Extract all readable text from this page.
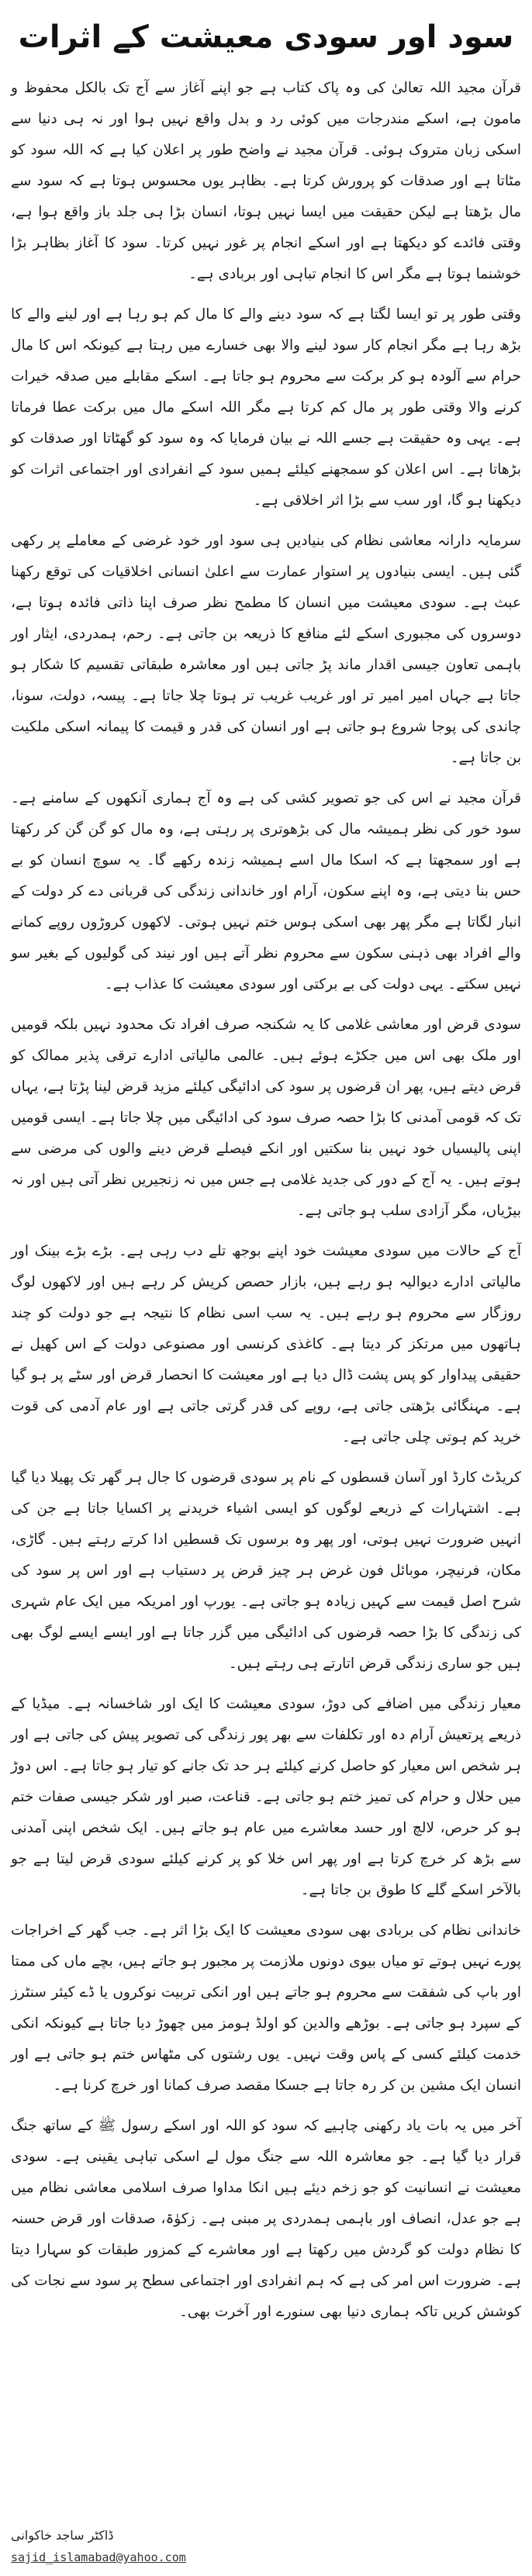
سود اور سودی معیشت کے اثرات

قرآن مجید اللہ تعالیٰ کی وہ پاک کتاب ہے جو اپنے آغاز سے آج تک بالکل محفوظ و مامون ہے، اسکے مندرجات میں کوئی رد و بدل واقع نہیں ہوا اور نہ ہی دنیا سے اسکی زبان متروک ہوئی۔ قرآن مجید نے واضح طور پر اعلان کیا ہے کہ اللہ سود کو مٹاتا ہے اور صدقات کو پرورش کرتا ہے۔ بظاہر یوں محسوس ہوتا ہے کہ سود سے مال بڑھتا ہے لیکن حقیقت میں ایسا نہیں ہوتا، انسان بڑا ہی جلد باز واقع ہوا ہے، وقتی فائدے کو دیکھتا ہے اور اسکے انجام پر غور نہیں کرتا۔ سود کا آغاز بظاہر بڑا خوشنما ہوتا ہے مگر اس کا انجام تباہی اور بربادی ہے۔

وقتی طور پر تو ایسا لگتا ہے کہ سود دینے والے کا مال کم ہو رہا ہے اور لینے والے کا بڑھ رہا ہے مگر انجام کار سود لینے والا بھی خسارے میں رہتا ہے کیونکہ اس کا مال حرام سے آلودہ ہو کر برکت سے محروم ہو جاتا ہے۔ اسکے مقابلے میں صدقہ خیرات کرنے والا وقتی طور پر مال کم کرتا ہے مگر اللہ اسکے مال میں برکت عطا فرماتا ہے۔ یہی وہ حقیقت ہے جسے اللہ نے بیان فرمایا کہ وہ سود کو گھٹاتا اور صدقات کو بڑھاتا ہے۔ اس اعلان کو سمجھنے کیلئے ہمیں سود کے انفرادی اور اجتماعی اثرات کو دیکھنا ہو گا، اور سب سے بڑا اثر اخلاقی ہے۔

سرمایہ دارانہ معاشی نظام کی بنیادیں ہی سود اور خود غرضی کے معاملے پر رکھی گئی ہیں۔ ایسی بنیادوں پر استوار عمارت سے اعلیٰ انسانی اخلاقیات کی توقع رکھنا عبث ہے۔ سودی معیشت میں انسان کا مطمح نظر صرف اپنا ذاتی فائدہ ہوتا ہے، دوسروں کی مجبوری اسکے لئے منافع کا ذریعہ بن جاتی ہے۔ رحم، ہمدردی، ایثار اور باہمی تعاون جیسی اقدار ماند پڑ جاتی ہیں اور معاشرہ طبقاتی تقسیم کا شکار ہو جاتا ہے جہاں امیر امیر تر اور غریب غریب تر ہوتا چلا جاتا ہے۔ پیسہ، دولت، سونا، چاندی کی پوجا شروع ہو جاتی ہے اور انسان کی قدر و قیمت کا پیمانہ اسکی ملکیت بن جاتا ہے۔

قرآن مجید نے اس کی جو تصویر کشی کی ہے وہ آج ہماری آنکھوں کے سامنے ہے۔ سود خور کی نظر ہمیشہ مال کی بڑھوتری پر رہتی ہے، وہ مال کو گن گن کر رکھتا ہے اور سمجھتا ہے کہ اسکا مال اسے ہمیشہ زندہ رکھے گا۔ یہ سوچ انسان کو بے حس بنا دیتی ہے، وہ اپنے سکون، آرام اور خاندانی زندگی کی قربانی دے کر دولت کے انبار لگاتا ہے مگر پھر بھی اسکی ہوس ختم نہیں ہوتی۔ لاکھوں کروڑوں روپے کمانے والے افراد بھی ذہنی سکون سے محروم نظر آتے ہیں اور نیند کی گولیوں کے بغیر سو نہیں سکتے۔ یہی دولت کی بے برکتی اور سودی معیشت کا عذاب ہے۔

سودی قرض اور معاشی غلامی کا یہ شکنجہ صرف افراد تک محدود نہیں بلکہ قومیں اور ملک بھی اس میں جکڑے ہوئے ہیں۔ عالمی مالیاتی ادارے ترقی پذیر ممالک کو قرض دیتے ہیں، پھر ان قرضوں پر سود کی ادائیگی کیلئے مزید قرض لینا پڑتا ہے، یہاں تک کہ قومی آمدنی کا بڑا حصہ صرف سود کی ادائیگی میں چلا جاتا ہے۔ ایسی قومیں اپنی پالیسیاں خود نہیں بنا سکتیں اور انکے فیصلے قرض دینے والوں کی مرضی سے ہوتے ہیں۔ یہ آج کے دور کی جدید غلامی ہے جس میں نہ زنجیریں نظر آتی ہیں اور نہ بیڑیاں، مگر آزادی سلب ہو جاتی ہے۔

آج کے حالات میں سودی معیشت خود اپنے بوجھ تلے دب رہی ہے۔ بڑے بڑے بینک اور مالیاتی ادارے دیوالیہ ہو رہے ہیں، بازار حصص کریش کر رہے ہیں اور لاکھوں لوگ روزگار سے محروم ہو رہے ہیں۔ یہ سب اسی نظام کا نتیجہ ہے جو دولت کو چند ہاتھوں میں مرتکز کر دیتا ہے۔ کاغذی کرنسی اور مصنوعی دولت کے اس کھیل نے حقیقی پیداوار کو پس پشت ڈال دیا ہے اور معیشت کا انحصار قرض اور سٹے پر ہو گیا ہے۔ مہنگائی بڑھتی جاتی ہے، روپے کی قدر گرتی جاتی ہے اور عام آدمی کی قوت خرید کم ہوتی چلی جاتی ہے۔

کریڈٹ کارڈ اور آسان قسطوں کے نام پر سودی قرضوں کا جال ہر گھر تک پھیلا دیا گیا ہے۔ اشتہارات کے ذریعے لوگوں کو ایسی اشیاء خریدنے پر اکسایا جاتا ہے جن کی انہیں ضرورت نہیں ہوتی، اور پھر وہ برسوں تک قسطیں ادا کرتے رہتے ہیں۔ گاڑی، مکان، فرنیچر، موبائل فون غرض ہر چیز قرض پر دستیاب ہے اور اس پر سود کی شرح اصل قیمت سے کہیں زیادہ ہو جاتی ہے۔ یورپ اور امریکہ میں ایک عام شہری کی زندگی کا بڑا حصہ قرضوں کی ادائیگی میں گزر جاتا ہے اور ایسے ایسے لوگ بھی ہیں جو ساری زندگی قرض اتارتے ہی رہتے ہیں۔

معیار زندگی میں اضافے کی دوڑ، سودی معیشت کا ایک اور شاخسانہ ہے۔ میڈیا کے ذریعے پرتعیش آرام دہ اور تکلفات سے بھر پور زندگی کی تصویر پیش کی جاتی ہے اور ہر شخص اس معیار کو حاصل کرنے کیلئے ہر حد تک جانے کو تیار ہو جاتا ہے۔ اس دوڑ میں حلال و حرام کی تمیز ختم ہو جاتی ہے۔ قناعت، صبر اور شکر جیسی صفات ختم ہو کر حرص، لالچ اور حسد معاشرے میں عام ہو جاتے ہیں۔ ایک شخص اپنی آمدنی سے بڑھ کر خرچ کرتا ہے اور پھر اس خلا کو پر کرنے کیلئے سودی قرض لیتا ہے جو بالآخر اسکے گلے کا طوق بن جاتا ہے۔

خاندانی نظام کی بربادی بھی سودی معیشت کا ایک بڑا اثر ہے۔ جب گھر کے اخراجات پورے نہیں ہوتے تو میاں بیوی دونوں ملازمت پر مجبور ہو جاتے ہیں، بچے ماں کی ممتا اور باپ کی شفقت سے محروم ہو جاتے ہیں اور انکی تربیت نوکروں یا ڈے کیئر سنٹرز کے سپرد ہو جاتی ہے۔ بوڑھے والدین کو اولڈ ہومز میں چھوڑ دیا جاتا ہے کیونکہ انکی خدمت کیلئے کسی کے پاس وقت نہیں۔ یوں رشتوں کی مٹھاس ختم ہو جاتی ہے اور انسان ایک مشین بن کر رہ جاتا ہے جسکا مقصد صرف کمانا اور خرچ کرنا ہے۔

آخر میں یہ بات یاد رکھنی چاہیے کہ سود کو اللہ اور اسکے رسول ﷺ کے ساتھ جنگ قرار دیا گیا ہے۔ جو معاشرہ اللہ سے جنگ مول لے اسکی تباہی یقینی ہے۔ سودی معیشت نے انسانیت کو جو زخم دیئے ہیں انکا مداوا صرف اسلامی معاشی نظام میں ہے جو عدل، انصاف اور باہمی ہمدردی پر مبنی ہے۔ زکوٰۃ، صدقات اور قرض حسنہ کا نظام دولت کو گردش میں رکھتا ہے اور معاشرے کے کمزور طبقات کو سہارا دیتا ہے۔ ضرورت اس امر کی ہے کہ ہم انفرادی اور اجتماعی سطح پر سود سے نجات کی کوشش کریں تاکہ ہماری دنیا بھی سنورے اور آخرت بھی۔

ڈاکٹر ساجد خاکوانی
sajid_islamabad@yahoo.com
